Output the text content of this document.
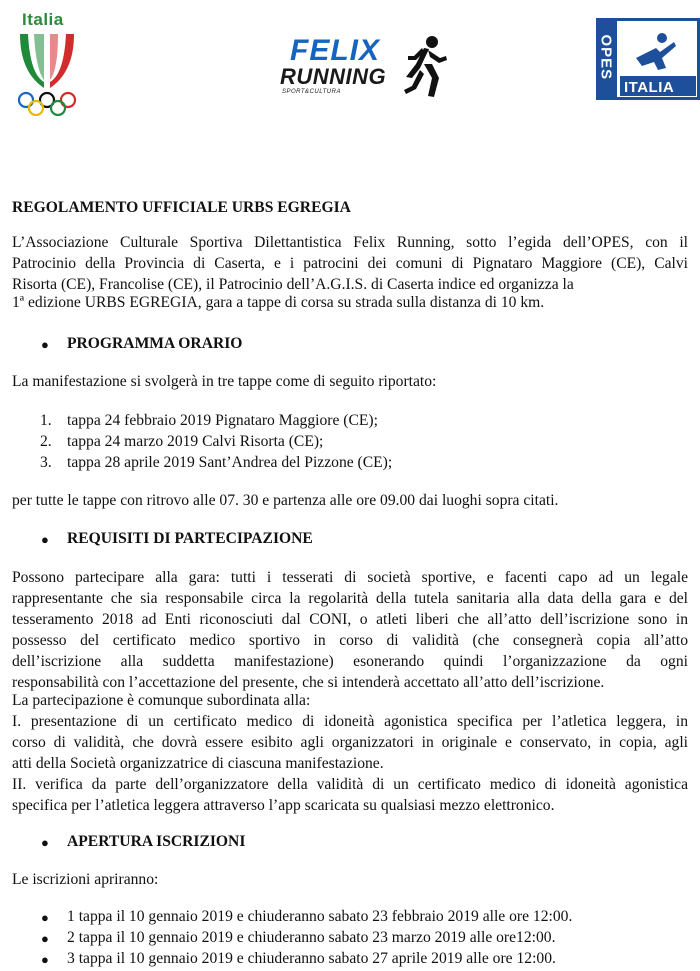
Italia
FELIX
RUNNING
SPORT&CULTURA
OPES
ITALIA
REGOLAMENTO UFFICIALE URBS EGREGIA
L’Associazione Culturale Sportiva Dilettantistica Felix Running, sotto l’egida dell’OPES, con il
Patrocinio della Provincia di Caserta, e i patrocini dei comuni di Pignataro Maggiore (CE), Calvi
Risorta (CE), Francolise (CE), il Patrocinio dell’A.G.I.S. di Caserta indice ed organizza la
1ª edizione URBS EGREGIA, gara a tappe di corsa su strada sulla distanza di 10 km.
● PROGRAMMA ORARIO
La manifestazione si svolgerà in tre tappe come di seguito riportato:
1. tappa 24 febbraio 2019 Pignataro Maggiore (CE);
2. tappa 24 marzo 2019 Calvi Risorta (CE);
3. tappa 28 aprile 2019 Sant’Andrea del Pizzone (CE);
per tutte le tappe con ritrovo alle 07. 30 e partenza alle ore 09.00 dai luoghi sopra citati.
● REQUISITI DI PARTECIPAZIONE
Possono partecipare alla gara: tutti i tesserati di società sportive, e facenti capo ad un legale
rappresentante che sia responsabile circa la regolarità della tutela sanitaria alla data della gara e del
tesseramento 2018 ad Enti riconosciuti dal CONI, o atleti liberi che all’atto dell’iscrizione sono in
possesso del certificato medico sportivo in corso di validità (che consegnerà copia all’atto
dell’iscrizione alla suddetta manifestazione) esonerando quindi l’organizzazione da ogni
responsabilità con l’accettazione del presente, che si intenderà accettato all’atto dell’iscrizione.
La partecipazione è comunque subordinata alla:
I. presentazione di un certificato medico di idoneità agonistica specifica per l’atletica leggera, in
corso di validità, che dovrà essere esibito agli organizzatori in originale e conservato, in copia, agli
atti della Società organizzatrice di ciascuna manifestazione.
II. verifica da parte dell’organizzatore della validità di un certificato medico di idoneità agonistica
specifica per l’atletica leggera attraverso l’app scaricata su qualsiasi mezzo elettronico.
● APERTURA ISCRIZIONI
Le iscrizioni apriranno:
● 1 tappa il 10 gennaio 2019 e chiuderanno sabato 23 febbraio 2019 alle ore 12:00.
● 2 tappa il 10 gennaio 2019 e chiuderanno sabato 23 marzo 2019 alle ore12:00.
● 3 tappa il 10 gennaio 2019 e chiuderanno sabato 27 aprile 2019 alle ore 12:00.
